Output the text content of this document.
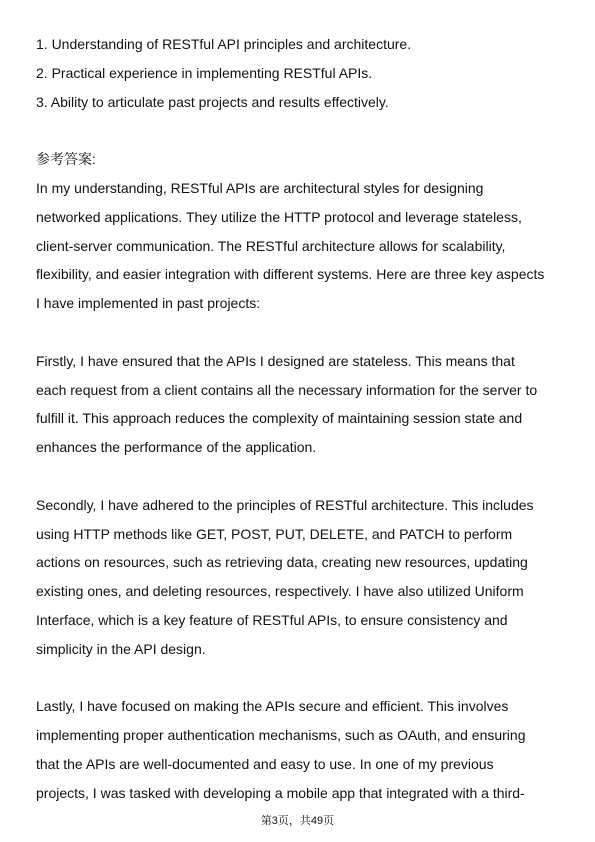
1. Understanding of RESTful API principles and architecture.
2. Practical experience in implementing RESTful APIs.
3. Ability to articulate past projects and results effectively.
参考答案:
In my understanding, RESTful APIs are architectural styles for designing
networked applications. They utilize the HTTP protocol and leverage stateless,
client-server communication. The RESTful architecture allows for scalability,
flexibility, and easier integration with different systems. Here are three key aspects
I have implemented in past projects:
Firstly, I have ensured that the APIs I designed are stateless. This means that
each request from a client contains all the necessary information for the server to
fulfill it. This approach reduces the complexity of maintaining session state and
enhances the performance of the application.
Secondly, I have adhered to the principles of RESTful architecture. This includes
using HTTP methods like GET, POST, PUT, DELETE, and PATCH to perform
actions on resources, such as retrieving data, creating new resources, updating
existing ones, and deleting resources, respectively. I have also utilized Uniform
Interface, which is a key feature of RESTful APIs, to ensure consistency and
simplicity in the API design.
Lastly, I have focused on making the APIs secure and efficient. This involves
implementing proper authentication mechanisms, such as OAuth, and ensuring
that the APIs are well-documented and easy to use. In one of my previous
projects, I was tasked with developing a mobile app that integrated with a third-
第3页，共49页
